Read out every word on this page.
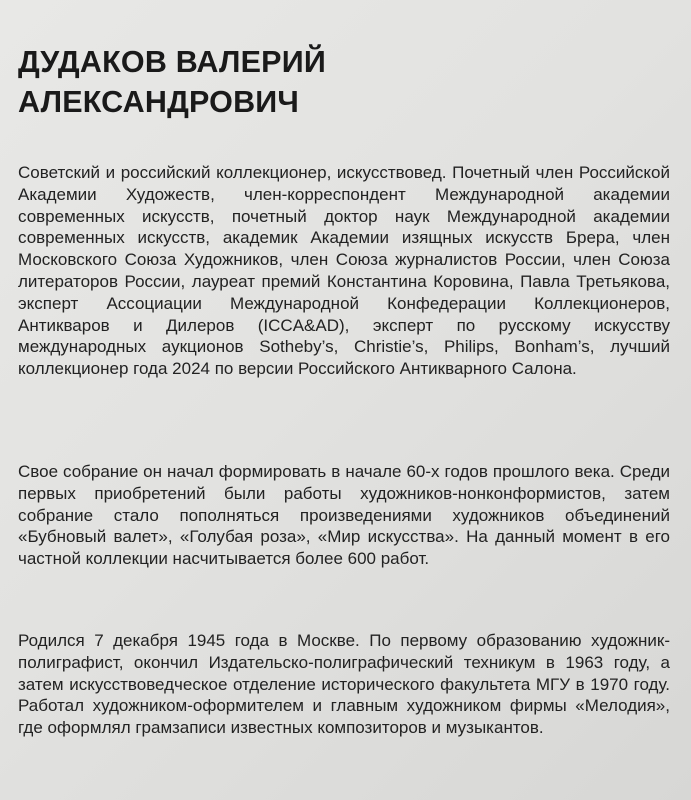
ДУДАКОВ ВАЛЕРИЙ
АЛЕКСАНДРОВИЧ

Советский и российский коллекционер, искусствовед. Почетный член Российской Академии Художеств, член-корреспондент Международной академии современных искусств, почетный доктор наук Международной академии современных искусств, академик Академии изящных искусств Брера, член Московского Союза Художников, член Союза журналистов России, член Союза литераторов России, лауреат премий Константина Коровина, Павла Третьякова, эксперт Ассоциации Международной Конфедерации Коллекционеров, Антикваров и Дилеров (ICCA&AD), эксперт по русскому искусству международных аукционов Sotheby’s, Christie’s, Philips, Bonham’s, лучший коллекционер года 2024 по версии Российского Антикварного Салона.

Свое собрание он начал формировать в начале 60-х годов прошлого века. Среди первых приобретений были работы художников-нонконформистов, затем собрание стало пополняться произведениями художников объединений «Бубновый валет», «Голубая роза», «Мир искусства». На данный момент в его частной коллекции насчитывается более 600 работ.

Родился 7 декабря 1945 года в Москве. По первому образованию художник-полиграфист, окончил Издательско-полиграфический техникум в 1963 году, а затем искусствоведческое отделение исторического факультета МГУ в 1970 году. Работал художником-оформителем и главным художником фирмы «Мелодия», где оформлял грамзаписи известных композиторов и музыкантов.
